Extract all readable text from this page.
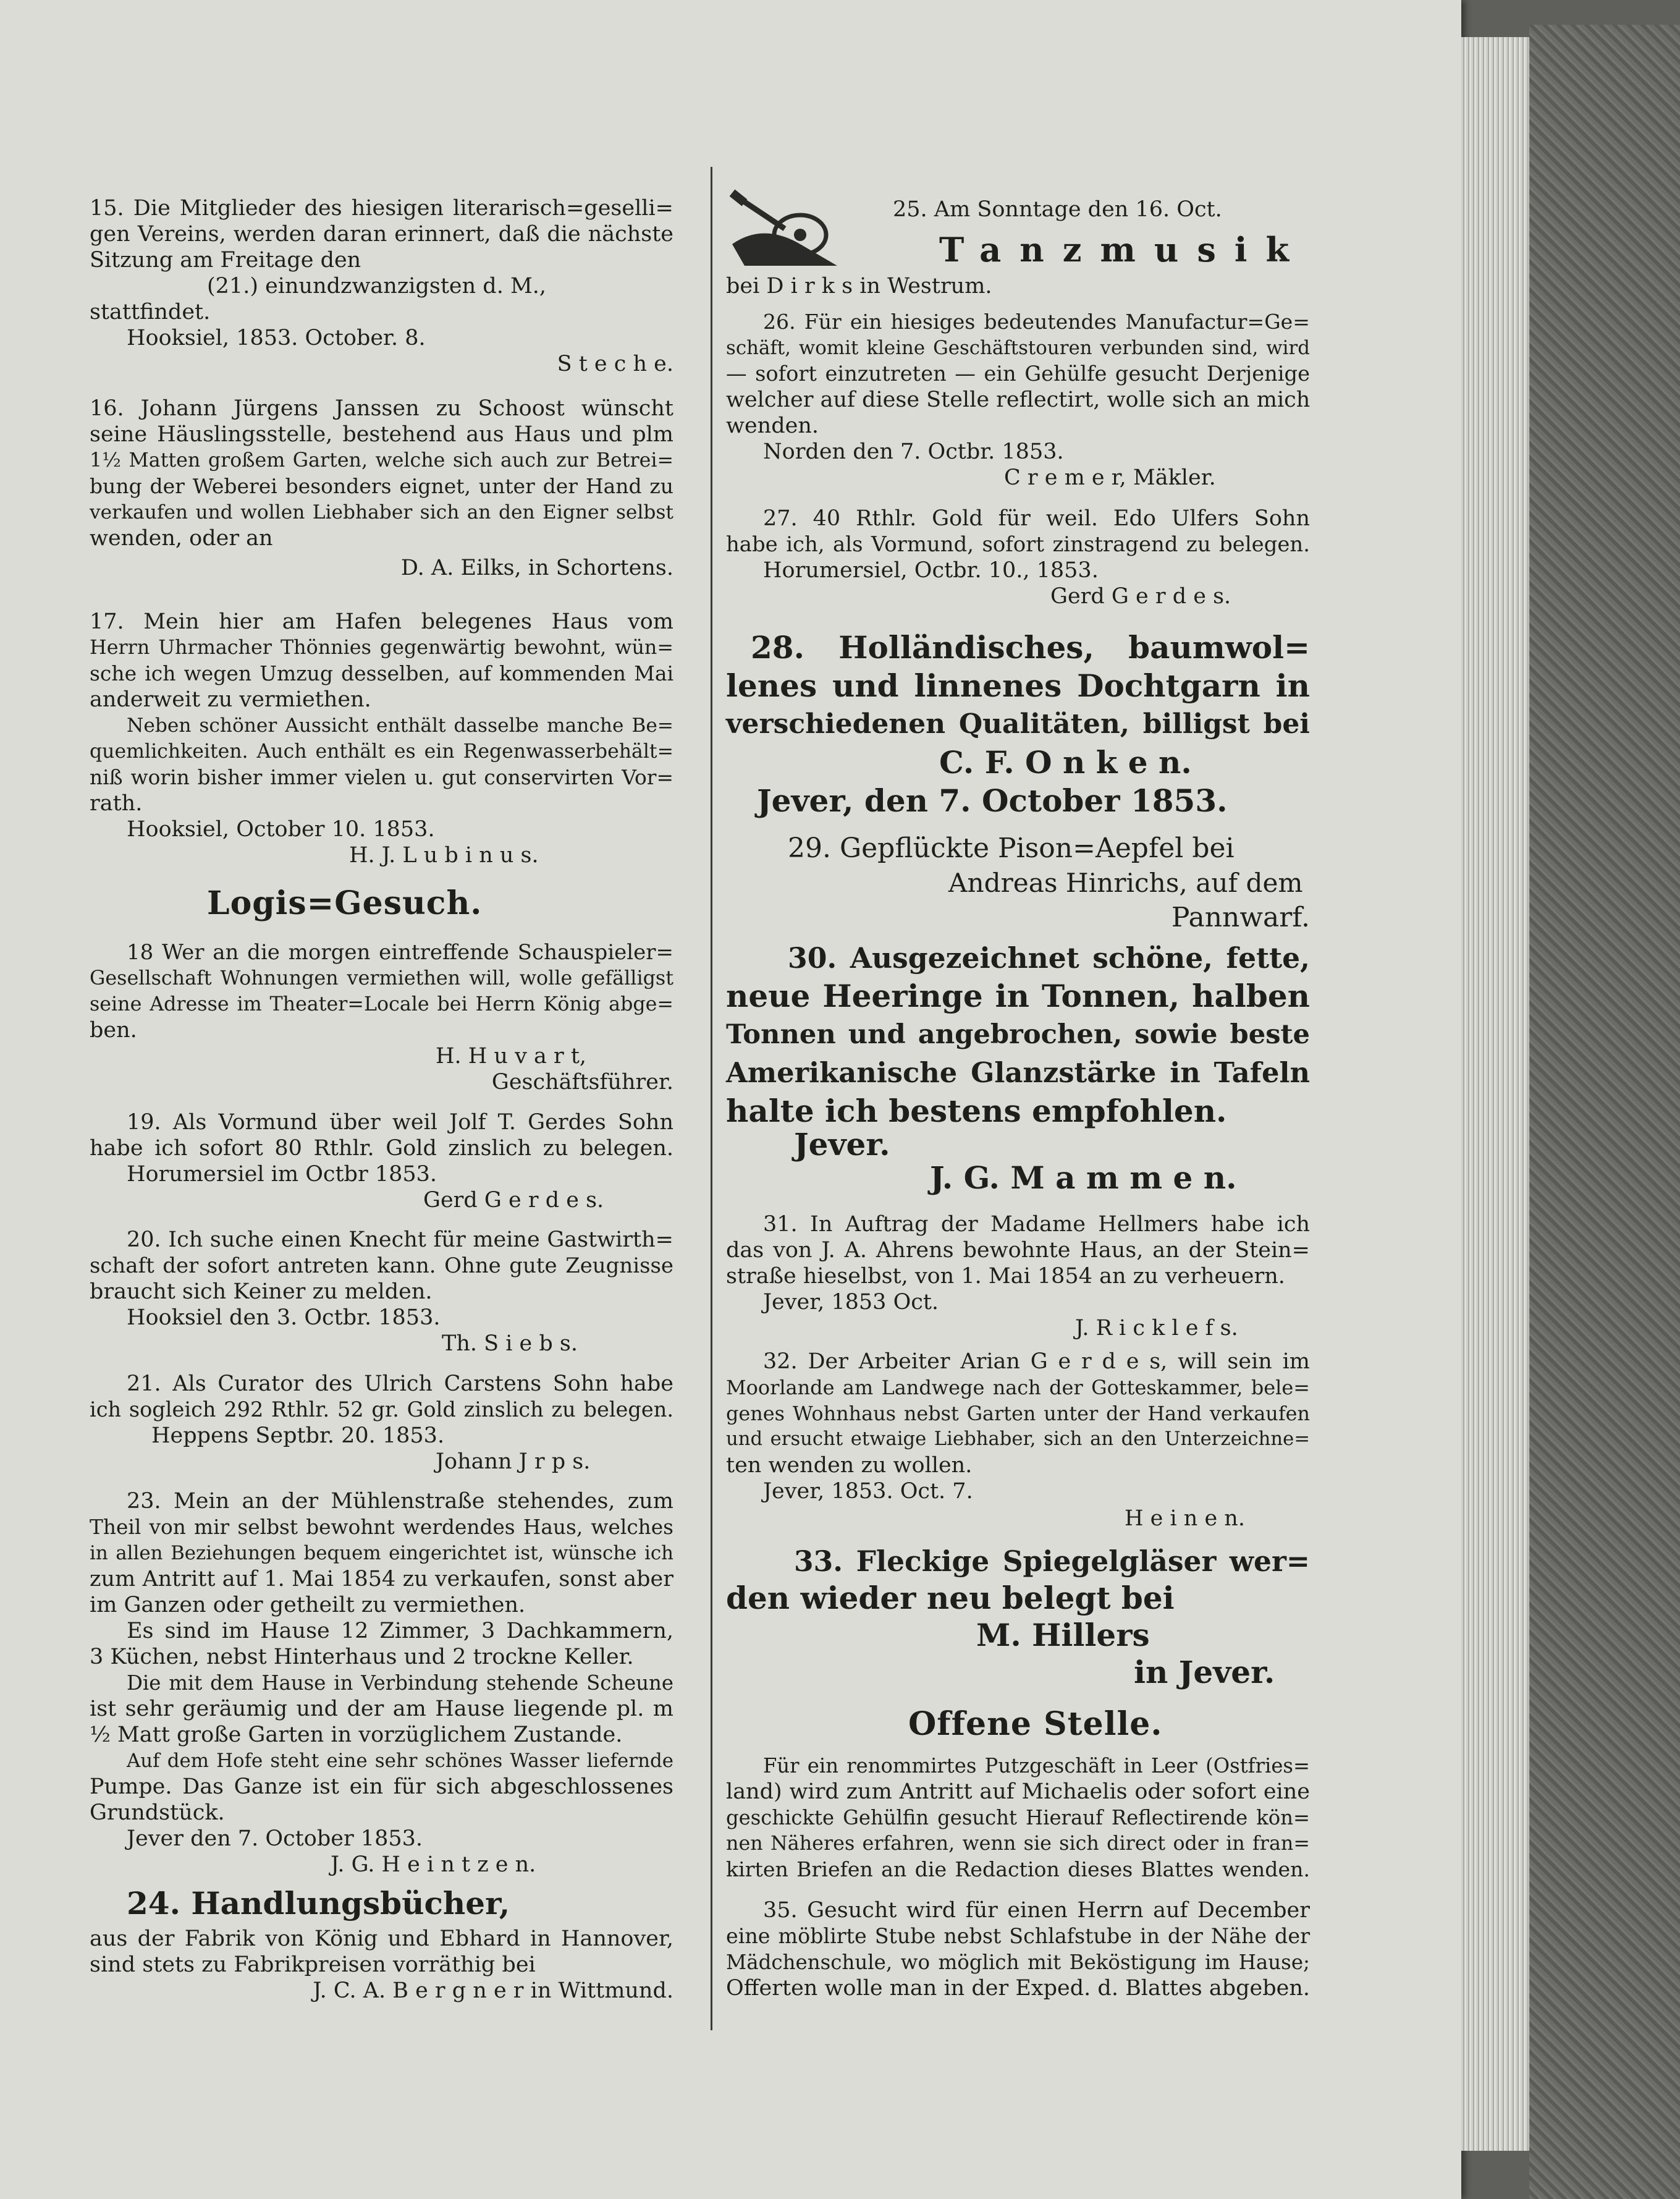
15. Die Mitglieder des hiesigen literarisch=geselli=

gen Vereins, werden daran erinnert, daß die nächste

Sitzung am Freitage den

(21.) einundzwanzigsten d. M.,

stattfindet.

Hooksiel, 1853. October. 8.

S t e c h e.

16. Johann Jürgens Janssen zu Schoost wünscht

seine Häuslingsstelle, bestehend aus Haus und plm

1½ Matten großem Garten, welche sich auch zur Betrei=

bung der Weberei besonders eignet, unter der Hand zu

verkaufen und wollen Liebhaber sich an den Eigner selbst

wenden, oder an

D. A. Eilks, in Schortens.

17. Mein hier am Hafen belegenes Haus vom

Herrn Uhrmacher Thönnies gegenwärtig bewohnt, wün=

sche ich wegen Umzug desselben, auf kommenden Mai

anderweit zu vermiethen.

Neben schöner Aussicht enthält dasselbe manche Be=

quemlichkeiten. Auch enthält es ein Regenwasserbehält=

niß worin bisher immer vielen u. gut conservirten Vor=

rath.

Hooksiel, October 10. 1853.

H. J. L u b i n u s.

Logis=Gesuch.

18 Wer an die morgen eintreffende Schauspieler=

Gesellschaft Wohnungen vermiethen will, wolle gefälligst

seine Adresse im Theater=Locale bei Herrn König abge=

ben.

H. H u v a r t,

Geschäftsführer.

19. Als Vormund über weil Jolf T. Gerdes Sohn

habe ich sofort 80 Rthlr. Gold zinslich zu belegen.

Horumersiel im Octbr 1853.

Gerd G e r d e s.

20. Ich suche einen Knecht für meine Gastwirth=

schaft der sofort antreten kann. Ohne gute Zeugnisse

braucht sich Keiner zu melden.

Hooksiel den 3. Octbr. 1853.

Th. S i e b s.

21. Als Curator des Ulrich Carstens Sohn habe

ich sogleich 292 Rthlr. 52 gr. Gold zinslich zu belegen.

Heppens Septbr. 20. 1853.

Johann J r p s.

23. Mein an der Mühlenstraße stehendes, zum

Theil von mir selbst bewohnt werdendes Haus, welches

in allen Beziehungen bequem eingerichtet ist, wünsche ich

zum Antritt auf 1. Mai 1854 zu verkaufen, sonst aber

im Ganzen oder getheilt zu vermiethen.

Es sind im Hause 12 Zimmer, 3 Dachkammern,

3 Küchen, nebst Hinterhaus und 2 trockne Keller.

Die mit dem Hause in Verbindung stehende Scheune

ist sehr geräumig und der am Hause liegende pl. m

½ Matt große Garten in vorzüglichem Zustande.

Auf dem Hofe steht eine sehr schönes Wasser liefernde

Pumpe. Das Ganze ist ein für sich abgeschlossenes

Grundstück.

Jever den 7. October 1853.

J. G. H e i n t z e n.

24. Handlungsbücher,

aus der Fabrik von König und Ebhard in Hannover,

sind stets zu Fabrikpreisen vorräthig bei

J. C. A. B e r g n e r in Wittmund.

25. Am Sonntage den 16. Oct.

Tanzmusik

bei D i r k s in Westrum.

26. Für ein hiesiges bedeutendes Manufactur=Ge=

schäft, womit kleine Geschäftstouren verbunden sind, wird

— sofort einzutreten — ein Gehülfe gesucht Derjenige

welcher auf diese Stelle reflectirt, wolle sich an mich

wenden.

Norden den 7. Octbr. 1853.

C r e m e r, Mäkler.

27. 40 Rthlr. Gold für weil. Edo Ulfers Sohn

habe ich, als Vormund, sofort zinstragend zu belegen.

Horumersiel, Octbr. 10., 1853.

Gerd G e r d e s.

28. Holländisches, baumwol=

lenes und linnenes Dochtgarn in

verschiedenen Qualitäten, billigst bei

C. F. O n k e n.

Jever, den 7. October 1853.

29. Gepflückte Pison=Aepfel bei

Andreas Hinrichs, auf dem

Pannwarf.

30. Ausgezeichnet schöne, fette,

neue Heeringe in Tonnen, halben

Tonnen und angebrochen, sowie beste

Amerikanische Glanzstärke in Tafeln

halte ich bestens empfohlen.

Jever.

J. G. M a m m e n.

31. In Auftrag der Madame Hellmers habe ich

das von J. A. Ahrens bewohnte Haus, an der Stein=

straße hieselbst, von 1. Mai 1854 an zu verheuern.

Jever, 1853 Oct.

J. R i c k l e f s.

32. Der Arbeiter Arian G e r d e s, will sein im

Moorlande am Landwege nach der Gotteskammer, bele=

genes Wohnhaus nebst Garten unter der Hand verkaufen

und ersucht etwaige Liebhaber, sich an den Unterzeichne=

ten wenden zu wollen.

Jever, 1853. Oct. 7.

H e i n e n.

33. Fleckige Spiegelgläser wer=

den wieder neu belegt bei

M. Hillers

in Jever.

Offene Stelle.

Für ein renommirtes Putzgeschäft in Leer (Ostfries=

land) wird zum Antritt auf Michaelis oder sofort eine

geschickte Gehülfin gesucht Hierauf Reflectirende kön=

nen Näheres erfahren, wenn sie sich direct oder in fran=

kirten Briefen an die Redaction dieses Blattes wenden.

35. Gesucht wird für einen Herrn auf December

eine möblirte Stube nebst Schlafstube in der Nähe der

Mädchenschule, wo möglich mit Beköstigung im Hause;

Offerten wolle man in der Exped. d. Blattes abgeben.
